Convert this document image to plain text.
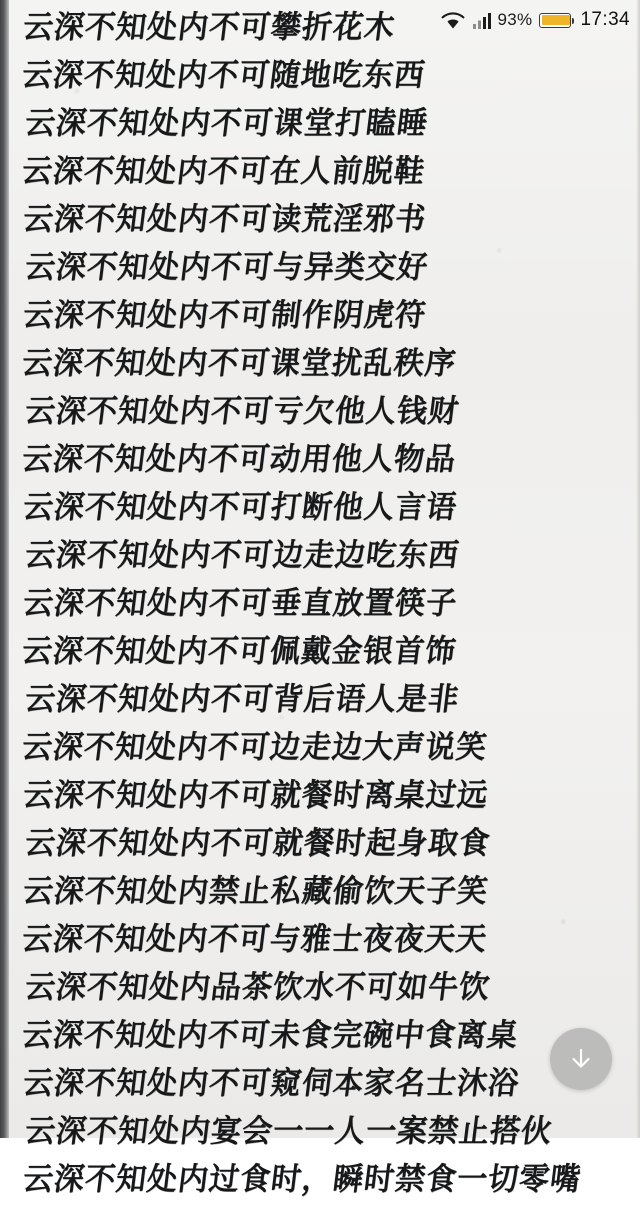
云深不知处内不可攀折花木
云深不知处内不可随地吃东西
云深不知处内不可课堂打瞌睡
云深不知处内不可在人前脱鞋
云深不知处内不可读荒淫邪书
云深不知处内不可与异类交好
云深不知处内不可制作阴虎符
云深不知处内不可课堂扰乱秩序
云深不知处内不可亏欠他人钱财
云深不知处内不可动用他人物品
云深不知处内不可打断他人言语
云深不知处内不可边走边吃东西
云深不知处内不可垂直放置筷子
云深不知处内不可佩戴金银首饰
云深不知处内不可背后语人是非
云深不知处内不可边走边大声说笑
云深不知处内不可就餐时离桌过远
云深不知处内不可就餐时起身取食
云深不知处内禁止私藏偷饮天子笑
云深不知处内不可与雅士夜夜天天
云深不知处内品茶饮水不可如牛饮
云深不知处内不可未食完碗中食离桌
云深不知处内不可窥伺本家名士沐浴
云深不知处内宴会一一人一案禁止搭伙
云深不知处内过食时，瞬时禁食一切零嘴
93%	17:34
